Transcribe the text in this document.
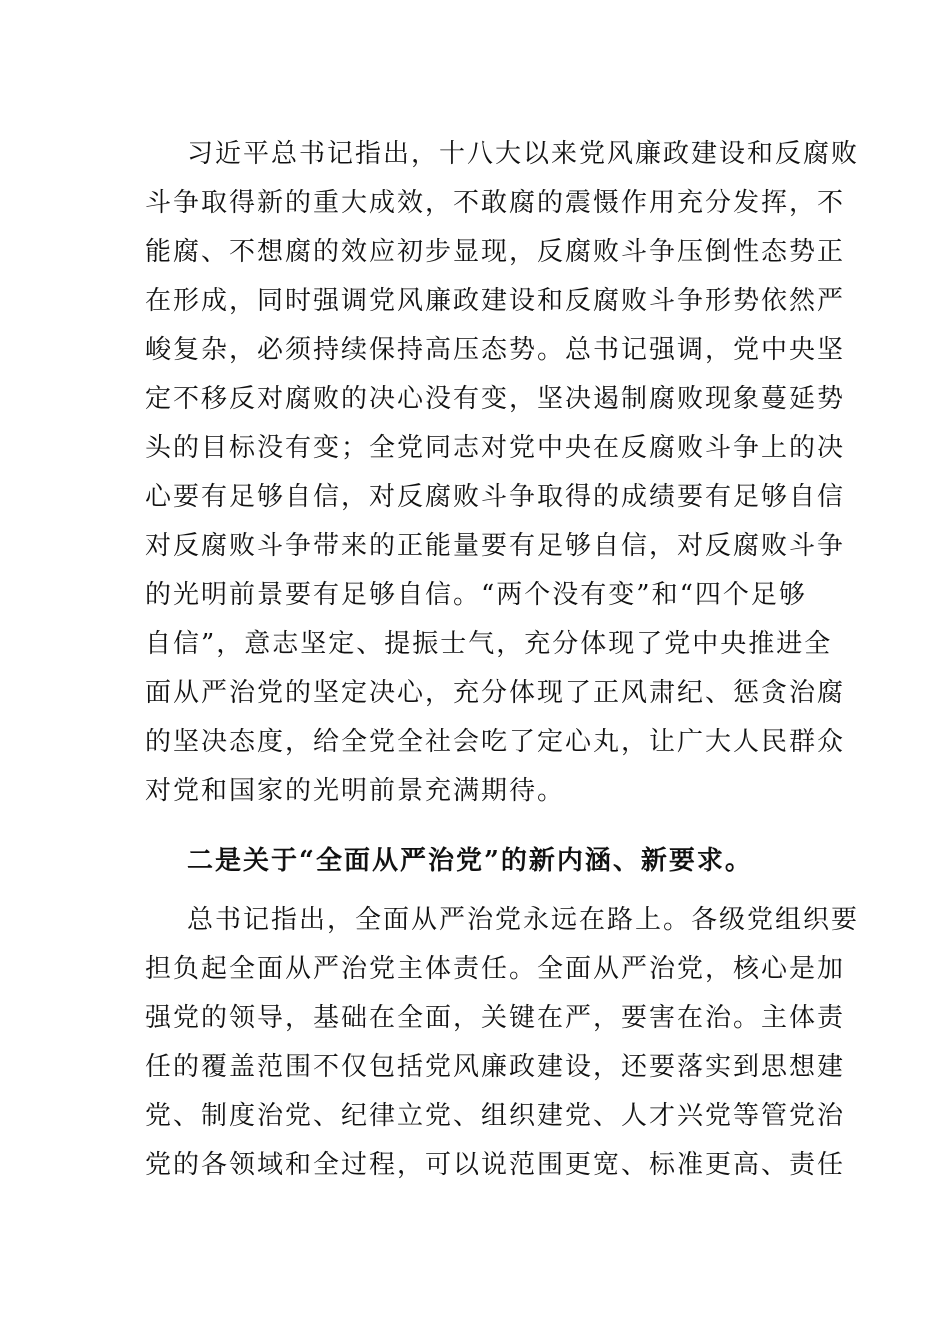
习近平总书记指出，十八大以来党风廉政建设和反腐败
斗争取得新的重大成效，不敢腐的震慑作用充分发挥，不
能腐、不想腐的效应初步显现，反腐败斗争压倒性态势正
在形成，同时强调党风廉政建设和反腐败斗争形势依然严
峻复杂，必须持续保持高压态势。总书记强调，党中央坚
定不移反对腐败的决心没有变，坚决遏制腐败现象蔓延势
头的目标没有变；全党同志对党中央在反腐败斗争上的决
心要有足够自信，对反腐败斗争取得的成绩要有足够自信
对反腐败斗争带来的正能量要有足够自信，对反腐败斗争
的光明前景要有足够自信。“两个没有变”和“四个足够
自信”，意志坚定、提振士气，充分体现了党中央推进全
面从严治党的坚定决心，充分体现了正风肃纪、惩贪治腐
的坚决态度，给全党全社会吃了定心丸，让广大人民群众
对党和国家的光明前景充满期待。
二是关于“全面从严治党”的新内涵、新要求。
总书记指出，全面从严治党永远在路上。各级党组织要
担负起全面从严治党主体责任。全面从严治党，核心是加
强党的领导，基础在全面，关键在严，要害在治。主体责
任的覆盖范围不仅包括党风廉政建设，还要落实到思想建
党、制度治党、纪律立党、组织建党、人才兴党等管党治
党的各领域和全过程，可以说范围更宽、标准更高、责任
